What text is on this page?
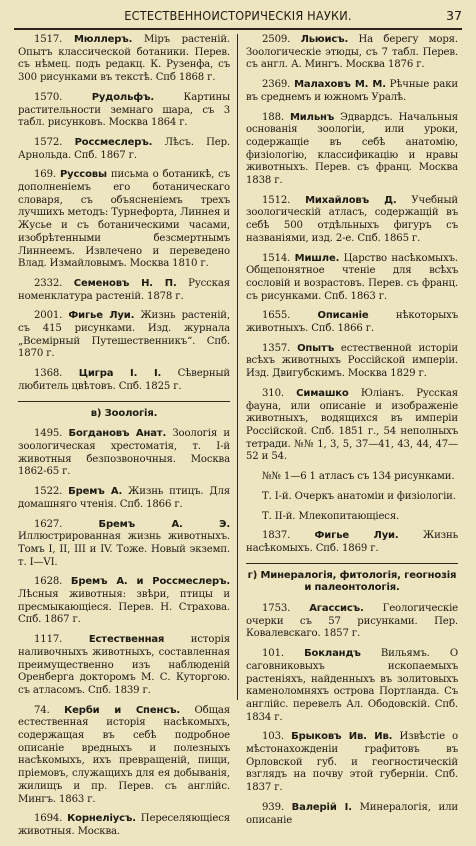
ЕСТЕСТВЕННОИСТОРИЧЕСКІЯ НАУКИ.	37

1517. Мюллеръ. Міръ растеній. Опытъ классической ботаники. Перев. съ нѣмец. подъ редакц. К. Рузенфа, съ 300 рисунками въ текстѣ. Спб 1868 г.

1570.	Рудольфъ.	Картины растительности земнаго шара, съ 3 табл. рисунковъ. Москва 1864 г.

1572. Россмеслеръ. Лѣсъ. Пер. Арнольда. Спб. 1867 г.

169. Руссовы письма о ботаникѣ, съ дополненіемъ его ботаническаго словаря, съ объясненіемъ трехъ лучшихъ методъ: Турнефорта, Линнея и Жусье и съ ботаническими часами, изобрѣтенными безсмертнымъ Линнеемъ. Извлечено и переведено Влад. Измайловымъ. Москва 1810 г.

2332. Семеновъ Н. П. Русская номенклатура растеній. 1878 г.

2001. Фигье Луи. Жизнь растеній, съ 415 рисунками. Изд. журнала „Всемірный Путешественникъ“. Спб. 1870 г.

1368. Цигра І. І. Сѣверный любитель цвѣтовъ. Спб. 1825 г.

в) Зоологія.

1495. Богдановъ Анат. Зоологія и зоологическая хрестоматія, т. І-й животныя безпозвоночныя. Москва 1862-65 г.

1522. Бремъ А. Жизнь птицъ. Для домашняго чтенія. Спб. 1866 г.

1627.	Бремъ А. Э. Иллюстрированная жизнь животныхъ. Томъ І, ІІ, ІІІ и ІV. Тоже. Новый экземп. т. І—VІ.

1628. Бремъ А. и Россмеслеръ. Лѣсныя животныя: звѣри, птицы и пресмыкающіеся. Перев. Н. Страхова. Спб. 1867 г.

1117.	Естественная	исторія наливочныхъ животныхъ, составленная преимущественно изъ наблюденій Оренберга докторомъ М. С. Куторгою. съ атласомъ. Спб. 1839 г.

74. Керби и Спенсъ. Общая естественная исторія насѣкомыхъ, содержащая въ себѣ подробное описаніе вредныхъ и полезныхъ насѣкомыхъ, ихъ превращеній, пищи, пріемовъ, служащихъ для ея добыванія, жилищъ и пр. Перев. съ англійс. Мингъ. 1863 г.

1694. Корнелiусъ. Переселяющіеся животныя. Москва.

2509. Льюисъ. На берегу моря. Зоологическіе этюды, съ 7 табл. Перев. съ англ. А. Мингъ. Москва 1876 г.

2369. Малаховъ М. М. Рѣчные раки въ среднемъ и южномъ Уралѣ.

188. Мильнъ Эдвардсъ. Начальныя основанія зоологіи, или уроки, содержащіе въ себѣ анатомію, физіологію, классификацію и нравы животныхъ. Перев. съ франц. Москва 1838 г.

1512. Михайловъ Д. Учебный зоологическій атласъ, содержащій въ себѣ 500 отдѣльныхъ фигуръ съ названіями, изд. 2-е. Спб. 1865 г.

1514. Мишле. Царство насѣкомыхъ. Общепонятное чтеніе для всѣхъ сословій и возрастовъ. Перев. съ франц. съ рисунками. Спб. 1863 г.

1655.	Описаніе	нѣкоторыхъ животныхъ. Спб. 1866 г.

1357. Опытъ естественной исторіи всѣхъ животныхъ Россійской имперіи. Изд. Двигубскимъ. Москва 1829 г.

310. Симашко Юліанъ. Русская фауна, или описаніе и изображеніе животныхъ, водящихся въ имперіи Россійской. Спб. 1851 г., 54 неполныхъ тетради. №№ 1, 3, 5, 37—41, 43, 44, 47—52 и 54.

№№ 1—6 1 атласъ съ 134 рисунками.

Т. І-й. Очеркъ анатоміи и физіологіи.

Т. ІІ-й. Млекопитающіеся.

1837. Фигье Луи. Жизнь насѣкомыхъ. Спб. 1869 г.

г) Минералогія, фитологія, геогнозія и палеонтологія.

1753. Агассисъ. Геологическіе очерки съ 57 рисунками. Пер. Ковалевскаго. 1857 г.

101. Бокландъ Вильямъ. О саговниковыхъ ископаемыхъ растеніяхъ, найденныхъ въ золитовыхъ каменоломняхъ острова Портланда. Съ англійс. перевелъ Ал. Ободовскій. Спб. 1834 г.

103. Брыковъ Ив. Ив. Извѣстіе о мѣстонахожденіи графитовъ въ Орловской губ. и геогностическій взглядъ на почву этой губерніи. Спб. 1837 г.

939. Валерій І. Минералогія, или описаніе
